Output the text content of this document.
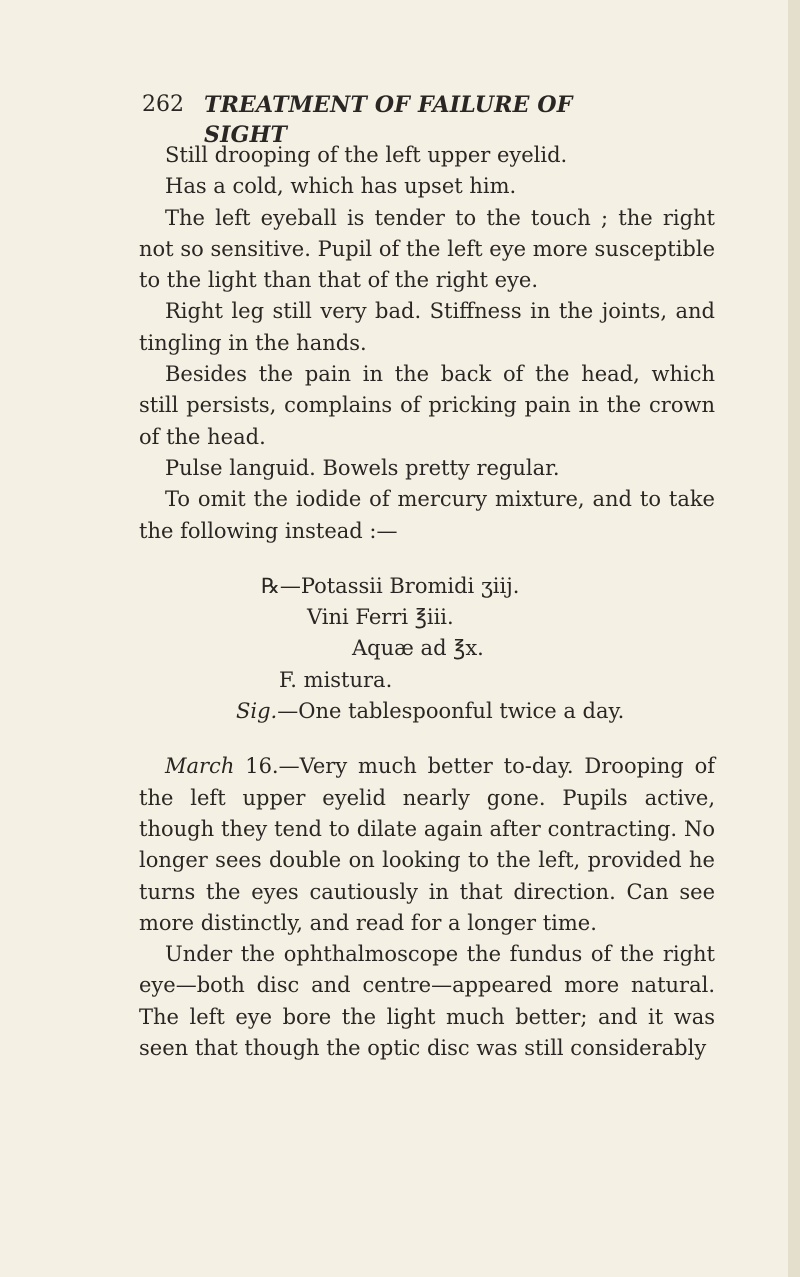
262 TREATMENT OF FAILURE OF SIGHT

Still drooping of the left upper eyelid.

Has a cold, which has upset him.

The left eyeball is tender to the touch ; the right not so sensitive. Pupil of the left eye more susceptible to the light than that of the right eye.

Right leg still very bad. Stiffness in the joints, and tingling in the hands.

Besides the pain in the back of the head, which still persists, complains of pricking pain in the crown of the head.

Pulse languid. Bowels pretty regular.

To omit the iodide of mercury mixture, and to take the following instead :—

℞—Potassii Bromidi ʒiij.
Vini Ferri ℥iii.
Aquæ ad ℥x.
F. mistura.
Sig.—One tablespoonful twice a day.

March 16.—Very much better to-day. Drooping of the left upper eyelid nearly gone. Pupils active, though they tend to dilate again after contracting. No longer sees double on looking to the left, provided he turns the eyes cautiously in that direction. Can see more distinctly, and read for a longer time.

Under the ophthalmoscope the fundus of the right eye—both disc and centre—appeared more natural. The left eye bore the light much better; and it was seen that though the optic disc was still considerably
